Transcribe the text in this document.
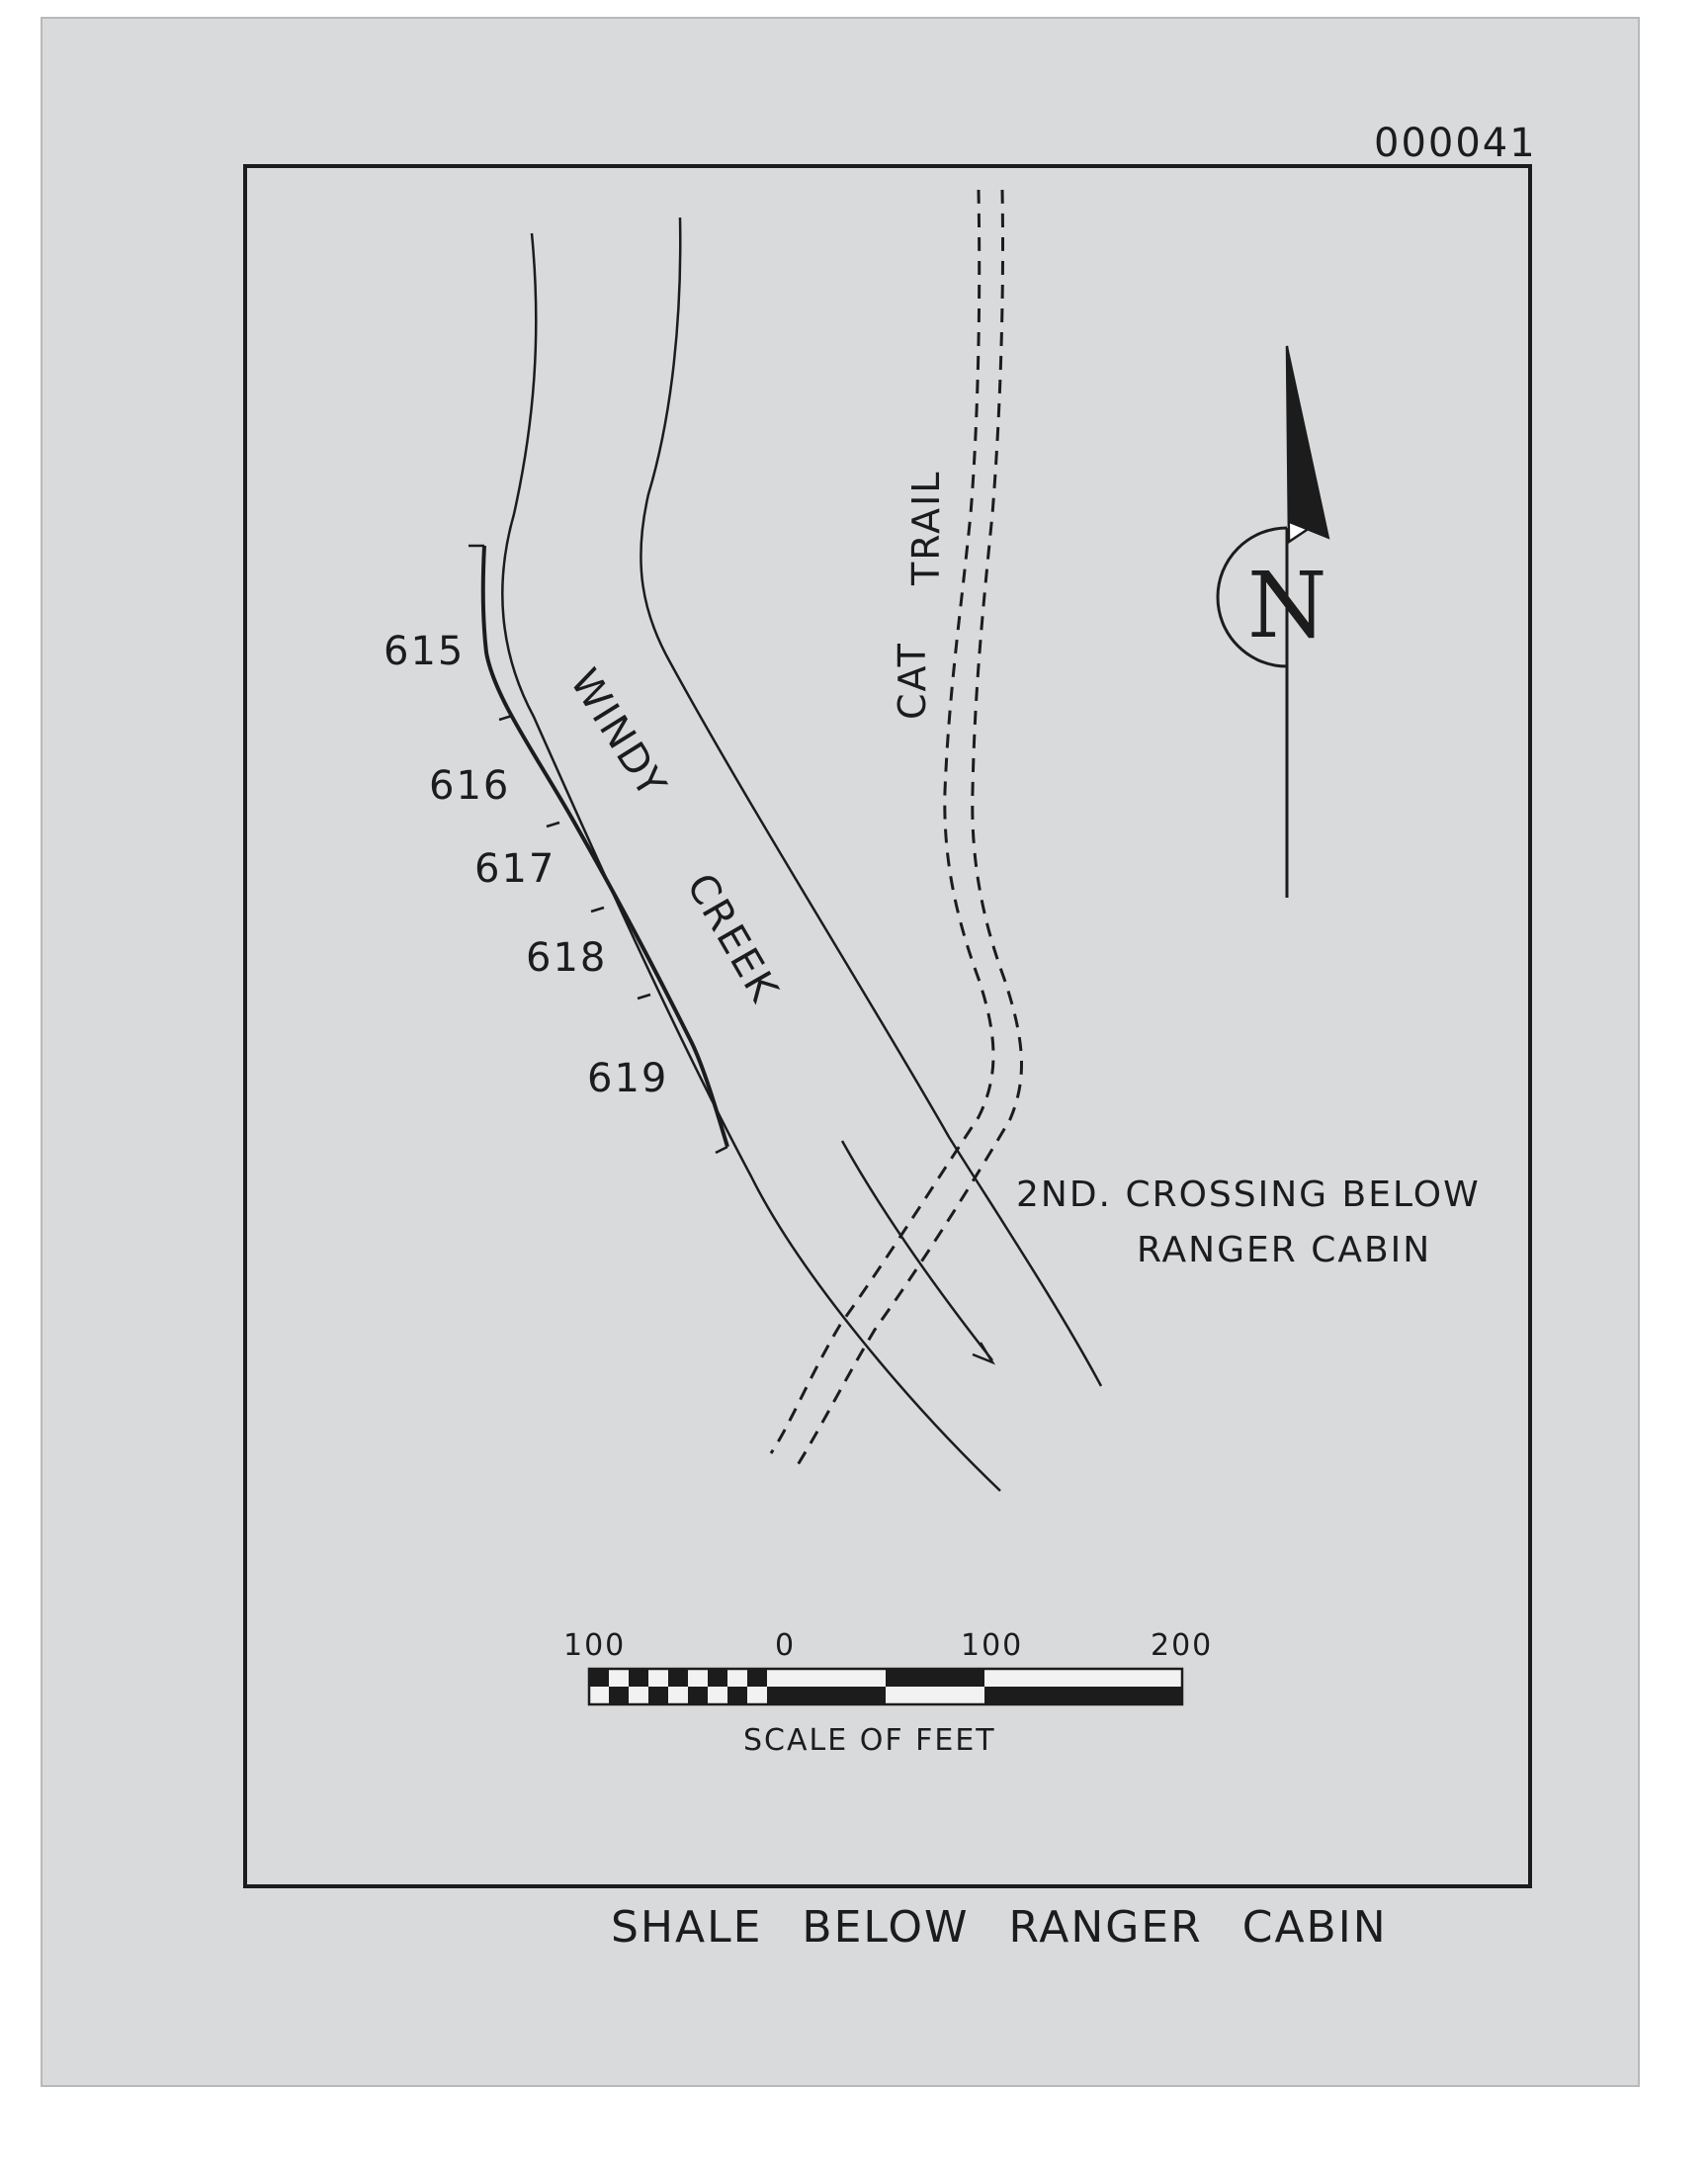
000041
615
616
617
618
619
WINDY
CREEK
CAT
TRAIL
2ND. CROSSING BELOW
RANGER CABIN
N
100	0	100	200
SCALE OF FEET
SHALE BELOW RANGER CABIN
